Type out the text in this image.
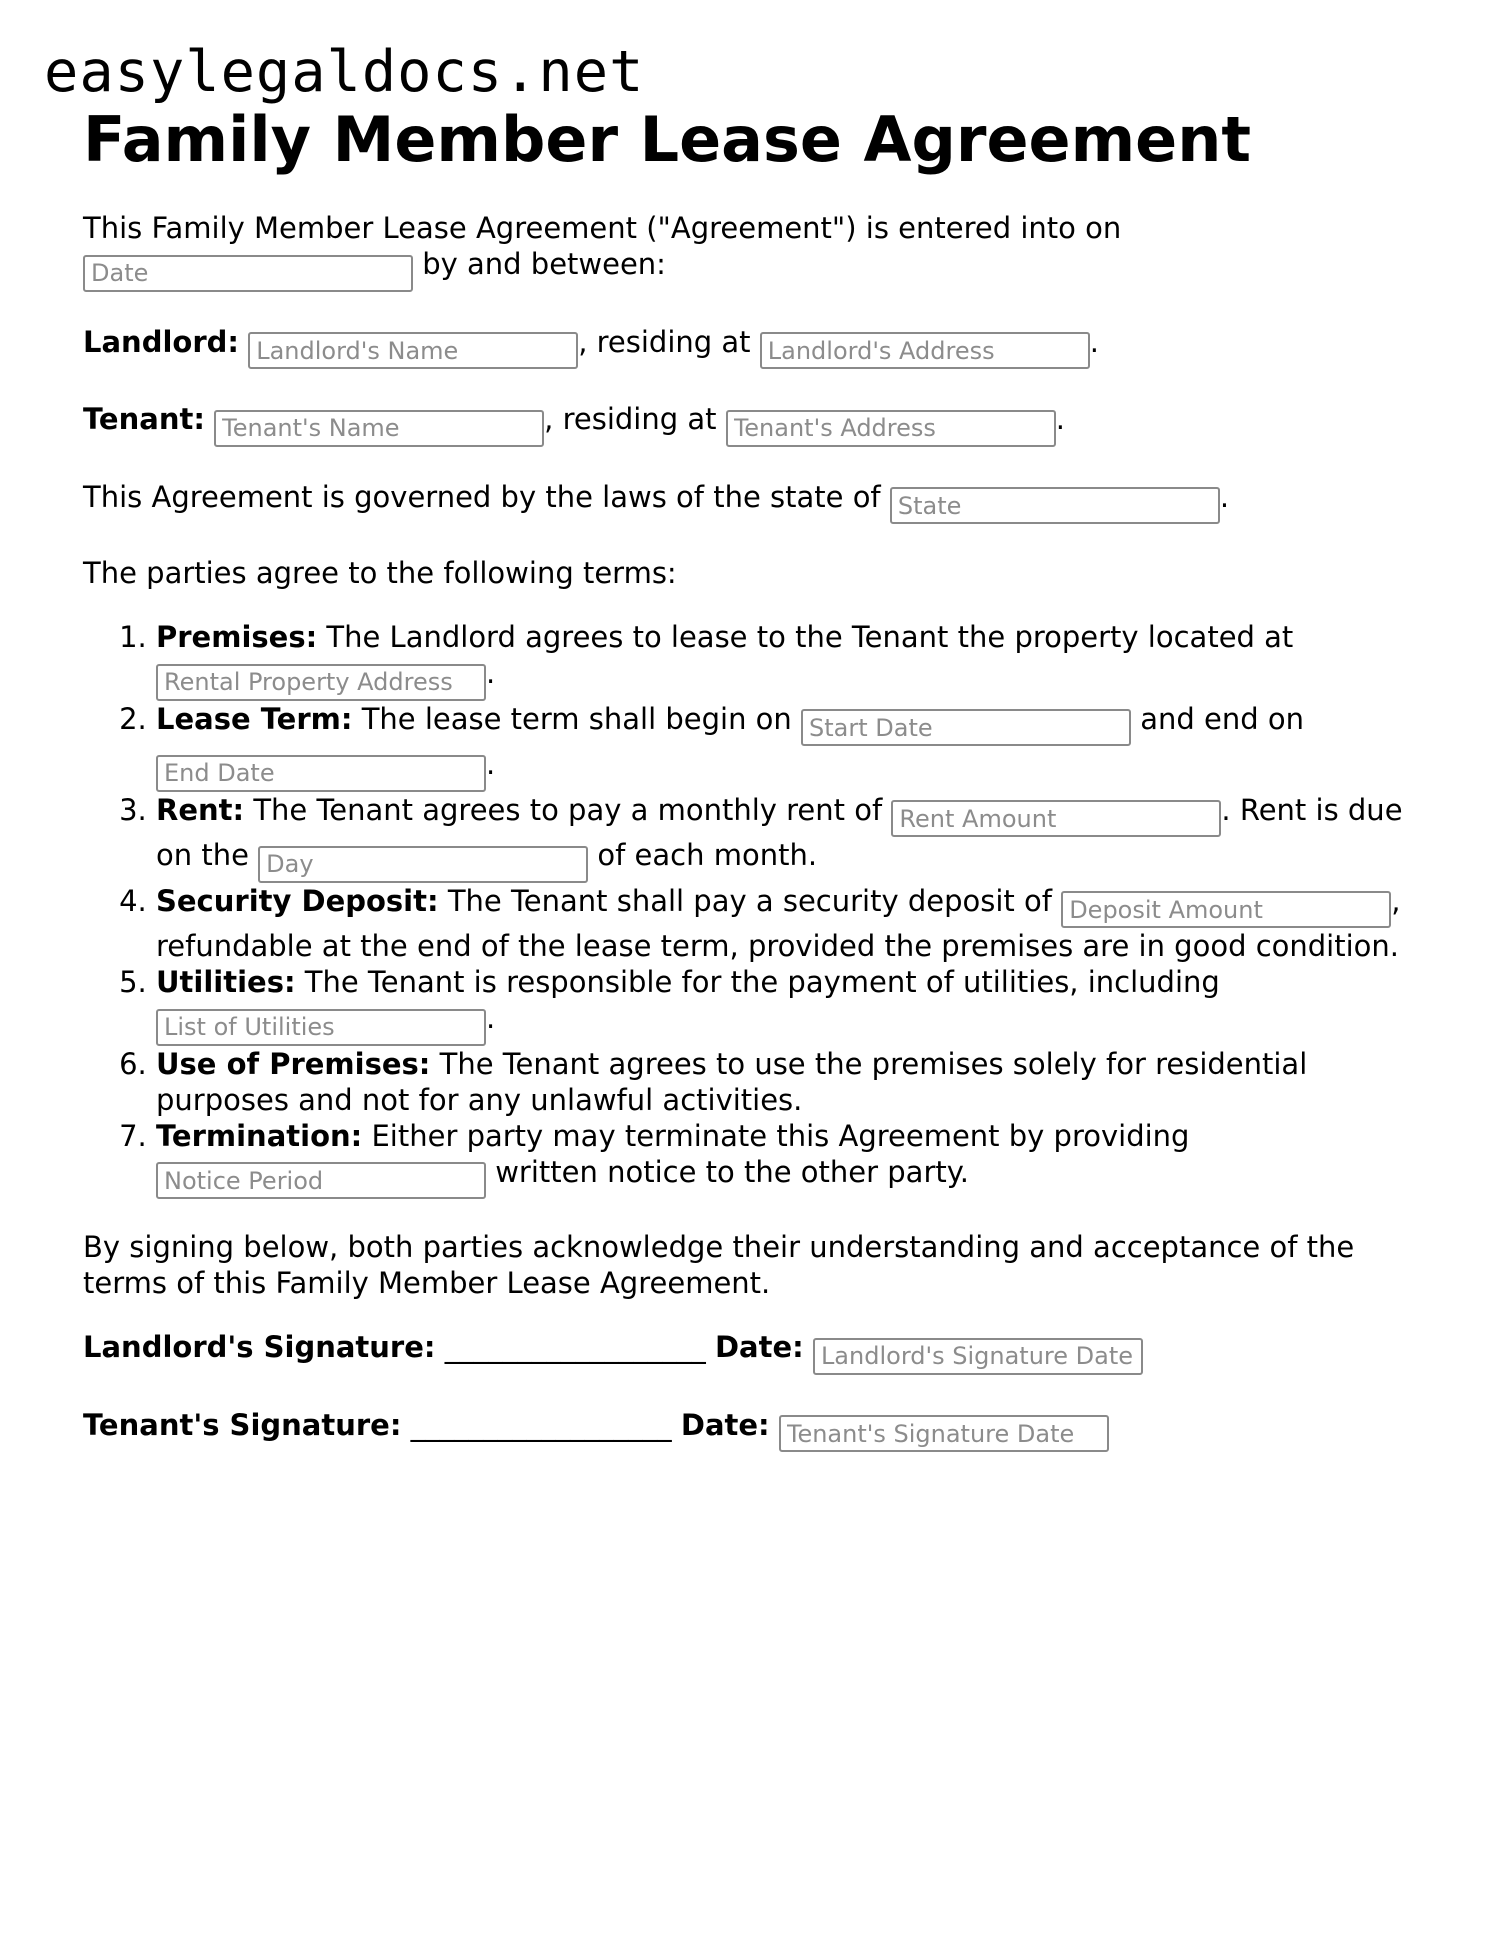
easylegaldocs.net
Family Member Lease Agreement

This Family Member Lease Agreement ("Agreement") is entered into on
Date by and between:

Landlord: Landlord's Name	, residing at Landlord's Address	.

Tenant: Tenant's Name	, residing at Tenant's Address	.

This Agreement is governed by the laws of the state of State	.

The parties agree to the following terms:

1. Premises: The Landlord agrees to lease to the Tenant the property located at Rental Property Address.
2. Lease Term: The lease term shall begin on Start Date	and end on End Date.
3. Rent: The Tenant agrees to pay a monthly rent of Rent Amount	. Rent is due on the Day	of each month.
4. Security Deposit: The Tenant shall pay a security deposit of Deposit Amount	, refundable at the end of the lease term, provided the premises are in good condition.
5. Utilities: The Tenant is responsible for the payment of utilities, including List of Utilities.
6. Use of Premises: The Tenant agrees to use the premises solely for residential purposes and not for any unlawful activities.
7. Termination: Either party may terminate this Agreement by providing Notice Period written notice to the other party.

By signing below, both parties acknowledge their understanding and acceptance of the terms of this Family Member Lease Agreement.

Landlord's Signature: __________________ Date: Landlord's Signature Date

Tenant's Signature: __________________ Date: Tenant's Signature Date
